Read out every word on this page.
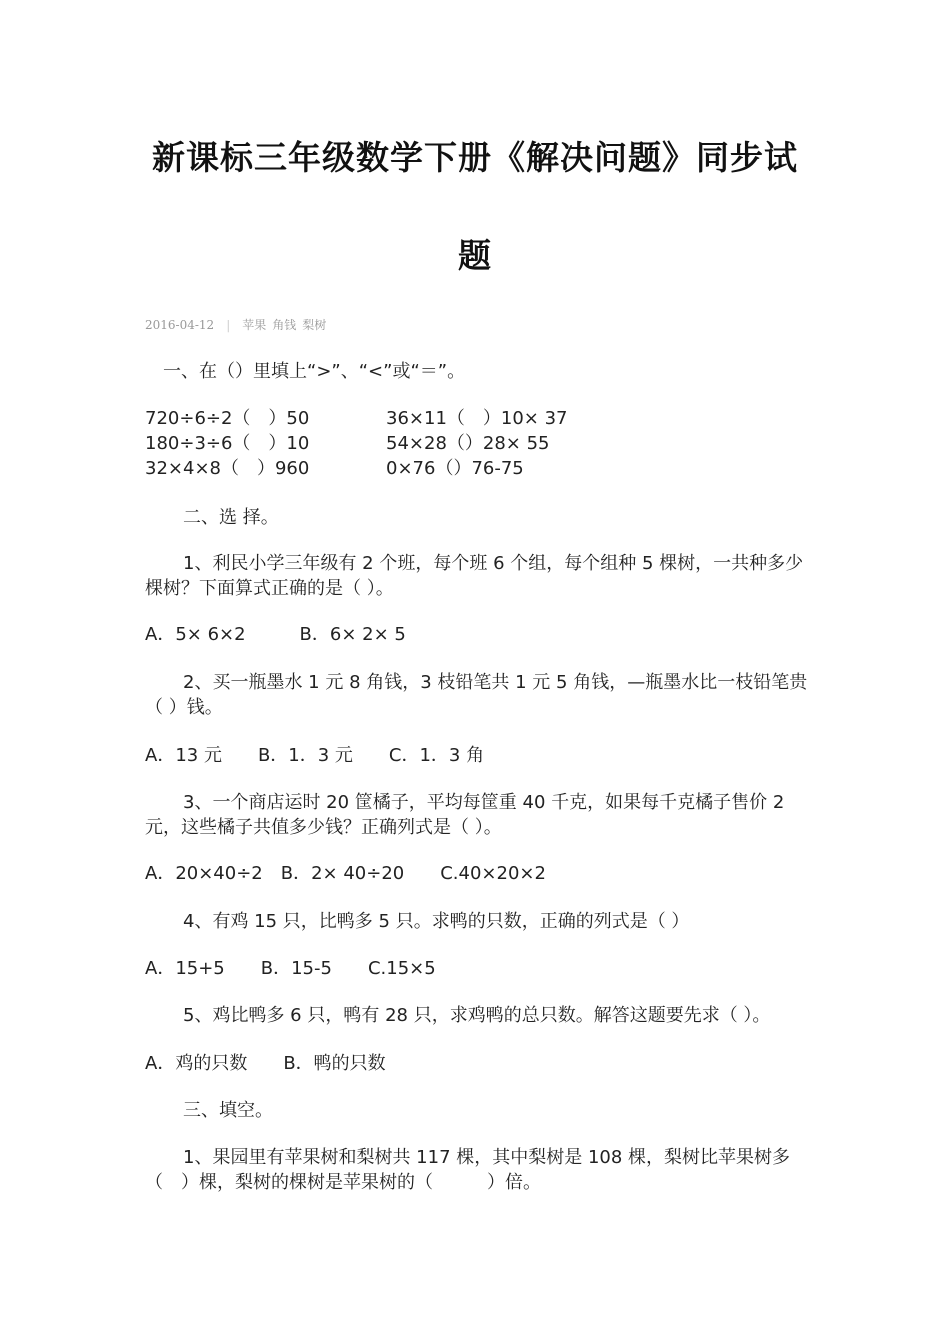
新课标三年级数学下册《解决问题》同步试
题
2016-04-12 | 苹果 角钱 梨树
一、在（）里填上“>”、“<”或“＝”。
720÷6÷2（　）50	36×11（　）10× 37
180÷3÷6（　）10	54×28（）28× 55
32×4×8（　）960	0×76（）76-75
二、选 择。
1、利民小学三年级有 2 个班，每个班 6 个组，每个组种 5 棵树，一共种多少棵树？下面算式正确的是（ ）。
A．5× 6×2　　　B．6× 2× 5
2、买一瓶墨水 1 元 8 角钱，3 枝铅笔共 1 元 5 角钱，—瓶墨水比一枝铅笔贵（ ）钱。
A．13 元　　B．1．3 元　　C．1．3 角
3、一个商店运时 20 筐橘子，平均每筐重 40 千克，如果每千克橘子售价 2 元，这些橘子共值多少钱？正确列式是（ ）。
A．20×40÷2　B．2× 40÷20　　C.40×20×2
4、有鸡 15 只，比鸭多 5 只。求鸭的只数，正确的列式是（ ）
A．15+5　　B．15-5　　C.15×5
5、鸡比鸭多 6 只，鸭有 28 只，求鸡鸭的总只数。解答这题要先求（ ）。
A．鸡的只数　　B．鸭的只数
三、填空。
1、果园里有苹果树和梨树共 117 棵，其中梨树是 108 棵，梨树比苹果树多（　）棵，梨树的棵树是苹果树的（　　　）倍。
